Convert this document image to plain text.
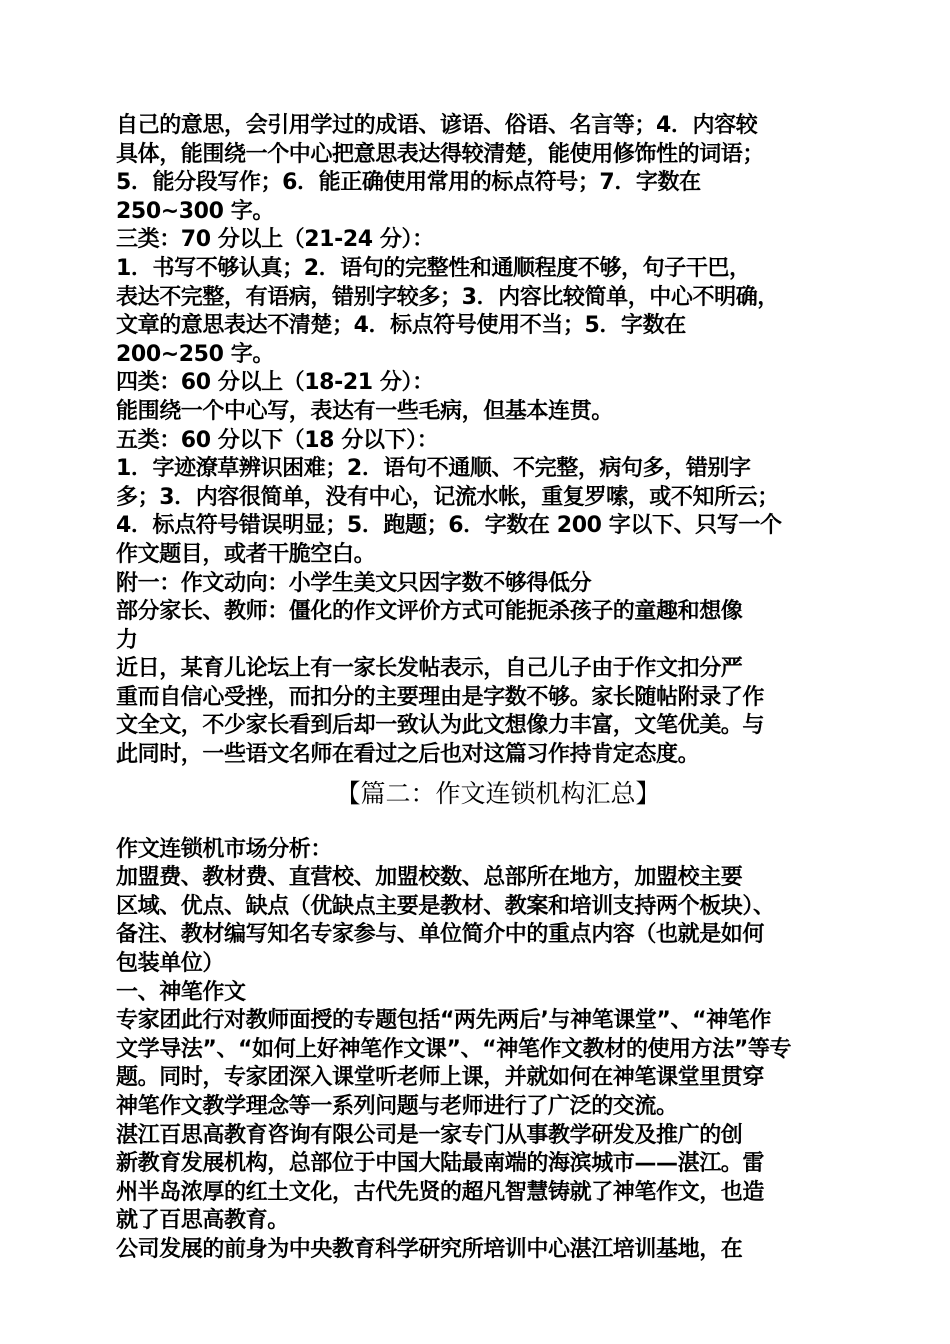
自己的意思，会引用学过的成语、谚语、俗语、名言等；4．内容较
具体，能围绕一个中心把意思表达得较清楚，能使用修饰性的词语；
5．能分段写作；6．能正确使用常用的标点符号；7．字数在
250~300 字。
三类：70 分以上（21-24 分）：
1．书写不够认真；2．语句的完整性和通顺程度不够，句子干巴，
表达不完整，有语病，错别字较多；3．内容比较简单，中心不明确，
文章的意思表达不清楚；4．标点符号使用不当；5．字数在
200~250 字。
四类：60 分以上（18-21 分）：
能围绕一个中心写，表达有一些毛病，但基本连贯。
五类：60 分以下（18 分以下）：
1．字迹潦草辨识困难；2．语句不通顺、不完整，病句多，错别字
多；3．内容很简单，没有中心，记流水帐，重复罗嗦，或不知所云；
4．标点符号错误明显；5．跑题；6．字数在 200 字以下、只写一个
作文题目，或者干脆空白。
附一：作文动向：小学生美文只因字数不够得低分
部分家长、教师：僵化的作文评价方式可能扼杀孩子的童趣和想像
力
近日，某育儿论坛上有一家长发帖表示，自己儿子由于作文扣分严
重而自信心受挫，而扣分的主要理由是字数不够。家长随帖附录了作
文全文，不少家长看到后却一致认为此文想像力丰富，文笔优美。与
此同时，一些语文名师在看过之后也对这篇习作持肯定态度。
【篇二：作文连锁机构汇总】
作文连锁机市场分析：
加盟费、教材费、直营校、加盟校数、总部所在地方，加盟校主要
区域、优点、缺点（优缺点主要是教材、教案和培训支持两个板块）、
备注、教材编写知名专家参与、单位简介中的重点内容（也就是如何
包装单位）
一、神笔作文
专家团此行对教师面授的专题包括“两先两后’与神笔课堂”、“神笔作
文学导法”、“如何上好神笔作文课”、“神笔作文教材的使用方法”等专
题。同时，专家团深入课堂听老师上课，并就如何在神笔课堂里贯穿
神笔作文教学理念等一系列问题与老师进行了广泛的交流。
湛江百思高教育咨询有限公司是一家专门从事教学研发及推广的创
新教育发展机构，总部位于中国大陆最南端的海滨城市——湛江。雷
州半岛浓厚的红土文化，古代先贤的超凡智慧铸就了神笔作文，也造
就了百思高教育。
公司发展的前身为中央教育科学研究所培训中心湛江培训基地，在
